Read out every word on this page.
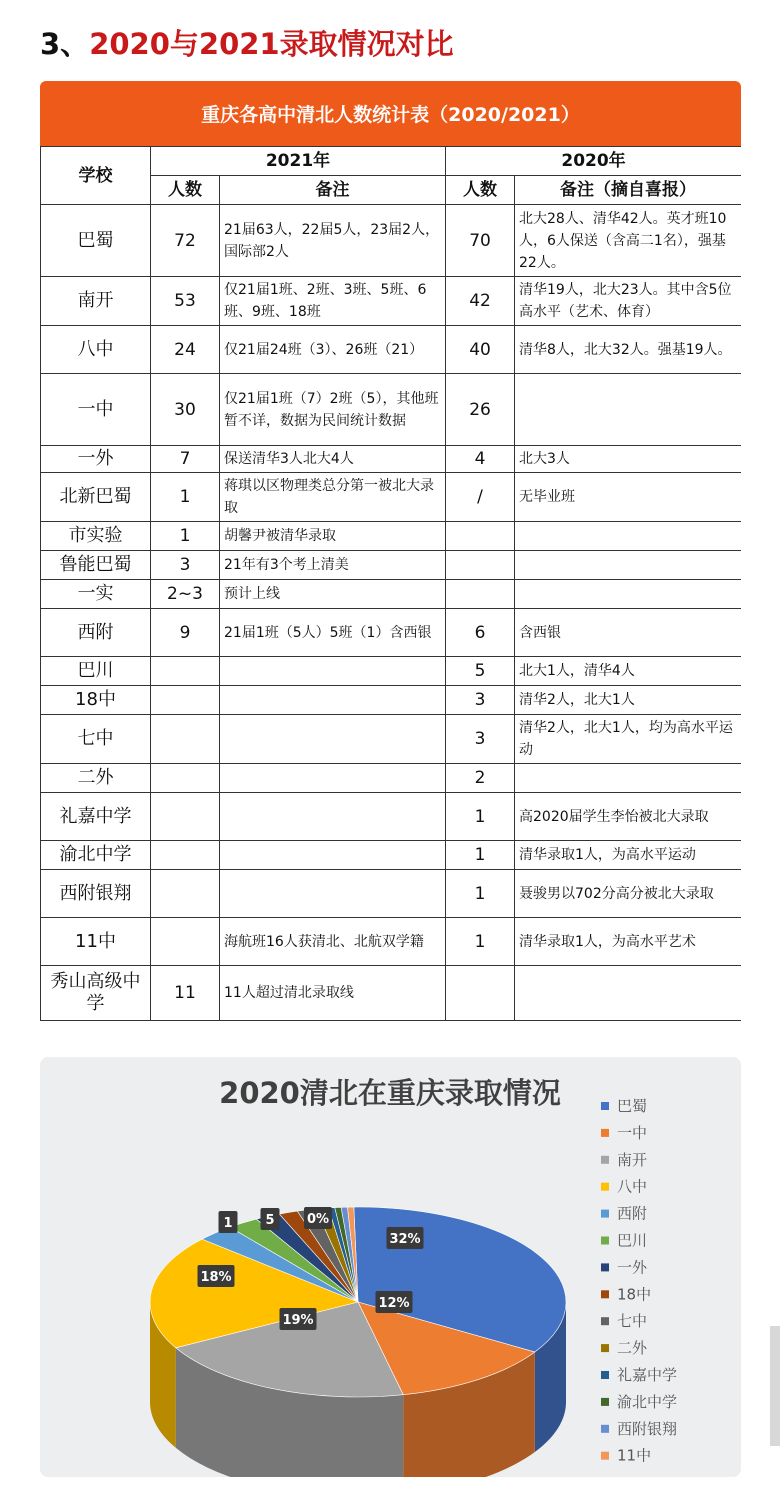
3、2020与2021录取情况对比
重庆各高中清北人数统计表（2020/2021）
学校	2021年		2020年	
	人数	备注	人数	备注（摘自喜报）
巴蜀	72	21届63人，22届5人，23届2人，国际部2人	70	北大28人、清华42人。英才班10人，6人保送（含高二1名），强基22人。
南开	53	仅21届1班、2班、3班、5班、6班、9班、18班	42	清华19人，北大23人。其中含5位高水平（艺术、体育）
八中	24	仅21届24班（3）、26班（21）	40	清华8人，北大32人。强基19人。
一中	30	仅21届1班（7）2班（5），其他班暂不详，数据为民间统计数据	26	
一外	7	保送清华3人北大4人	4	北大3人
北新巴蜀	1	蒋琪以区物理类总分第一被北大录取	/	无毕业班
市实验	1	胡馨尹被清华录取		
鲁能巴蜀	3	21年有3个考上清美		
一实	2~3	预计上线		
西附	9	21届1班（5人）5班（1）含西银	6	含西银
巴川			5	北大1人，清华4人
18中			3	清华2人，北大1人
七中			3	清华2人，北大1人，均为高水平运动
二外			2	
礼嘉中学			1	高2020届学生李怡被北大录取
渝北中学			1	清华录取1人，为高水平运动
西附银翔			1	聂骏男以702分高分被北大录取
11中		海航班16人获清北、北航双学籍	1	清华录取1人，为高水平艺术
秀山高级中学	11	11人超过清北录取线		
2020清北在重庆录取情况
32%
12%
19%
18%
1	5 0%
巴蜀
一中
南开
八中
西附
巴川
一外
18中
七中
二外
礼嘉中学
渝北中学
西附银翔
11中
